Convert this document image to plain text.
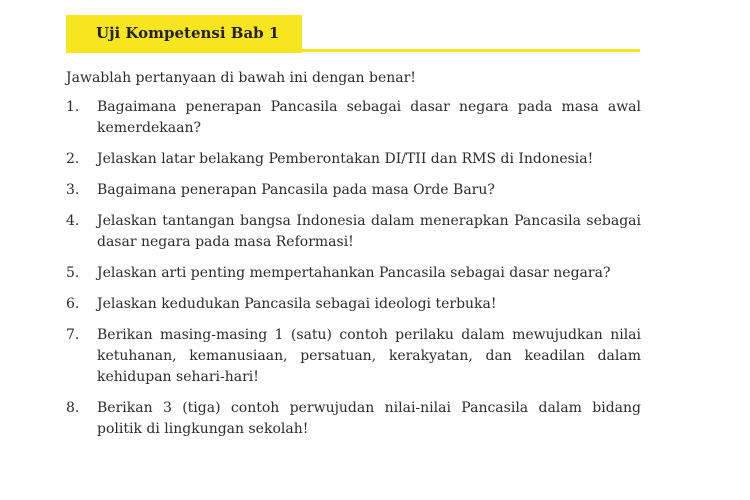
Uji Kompetensi Bab 1
Jawablah pertanyaan di bawah ini dengan benar!
1.	Bagaimana penerapan Pancasila sebagai dasar negara pada masa awal kemerdekaan?
2.	Jelaskan latar belakang Pemberontakan DI/TII dan RMS di Indonesia!
3.	Bagaimana penerapan Pancasila pada masa Orde Baru?
4.	Jelaskan tantangan bangsa Indonesia dalam menerapkan Pancasila sebagai dasar negara pada masa Reformasi!
5.	Jelaskan arti penting mempertahankan Pancasila sebagai dasar negara?
6.	Jelaskan kedudukan Pancasila sebagai ideologi terbuka!
7.	Berikan masing-masing 1 (satu) contoh perilaku dalam mewujudkan nilai ketuhanan, kemanusiaan, persatuan, kerakyatan, dan keadilan dalam kehidupan sehari-hari!
8.	Berikan 3 (tiga) contoh perwujudan nilai-nilai Pancasila dalam bidang politik di lingkungan sekolah!
